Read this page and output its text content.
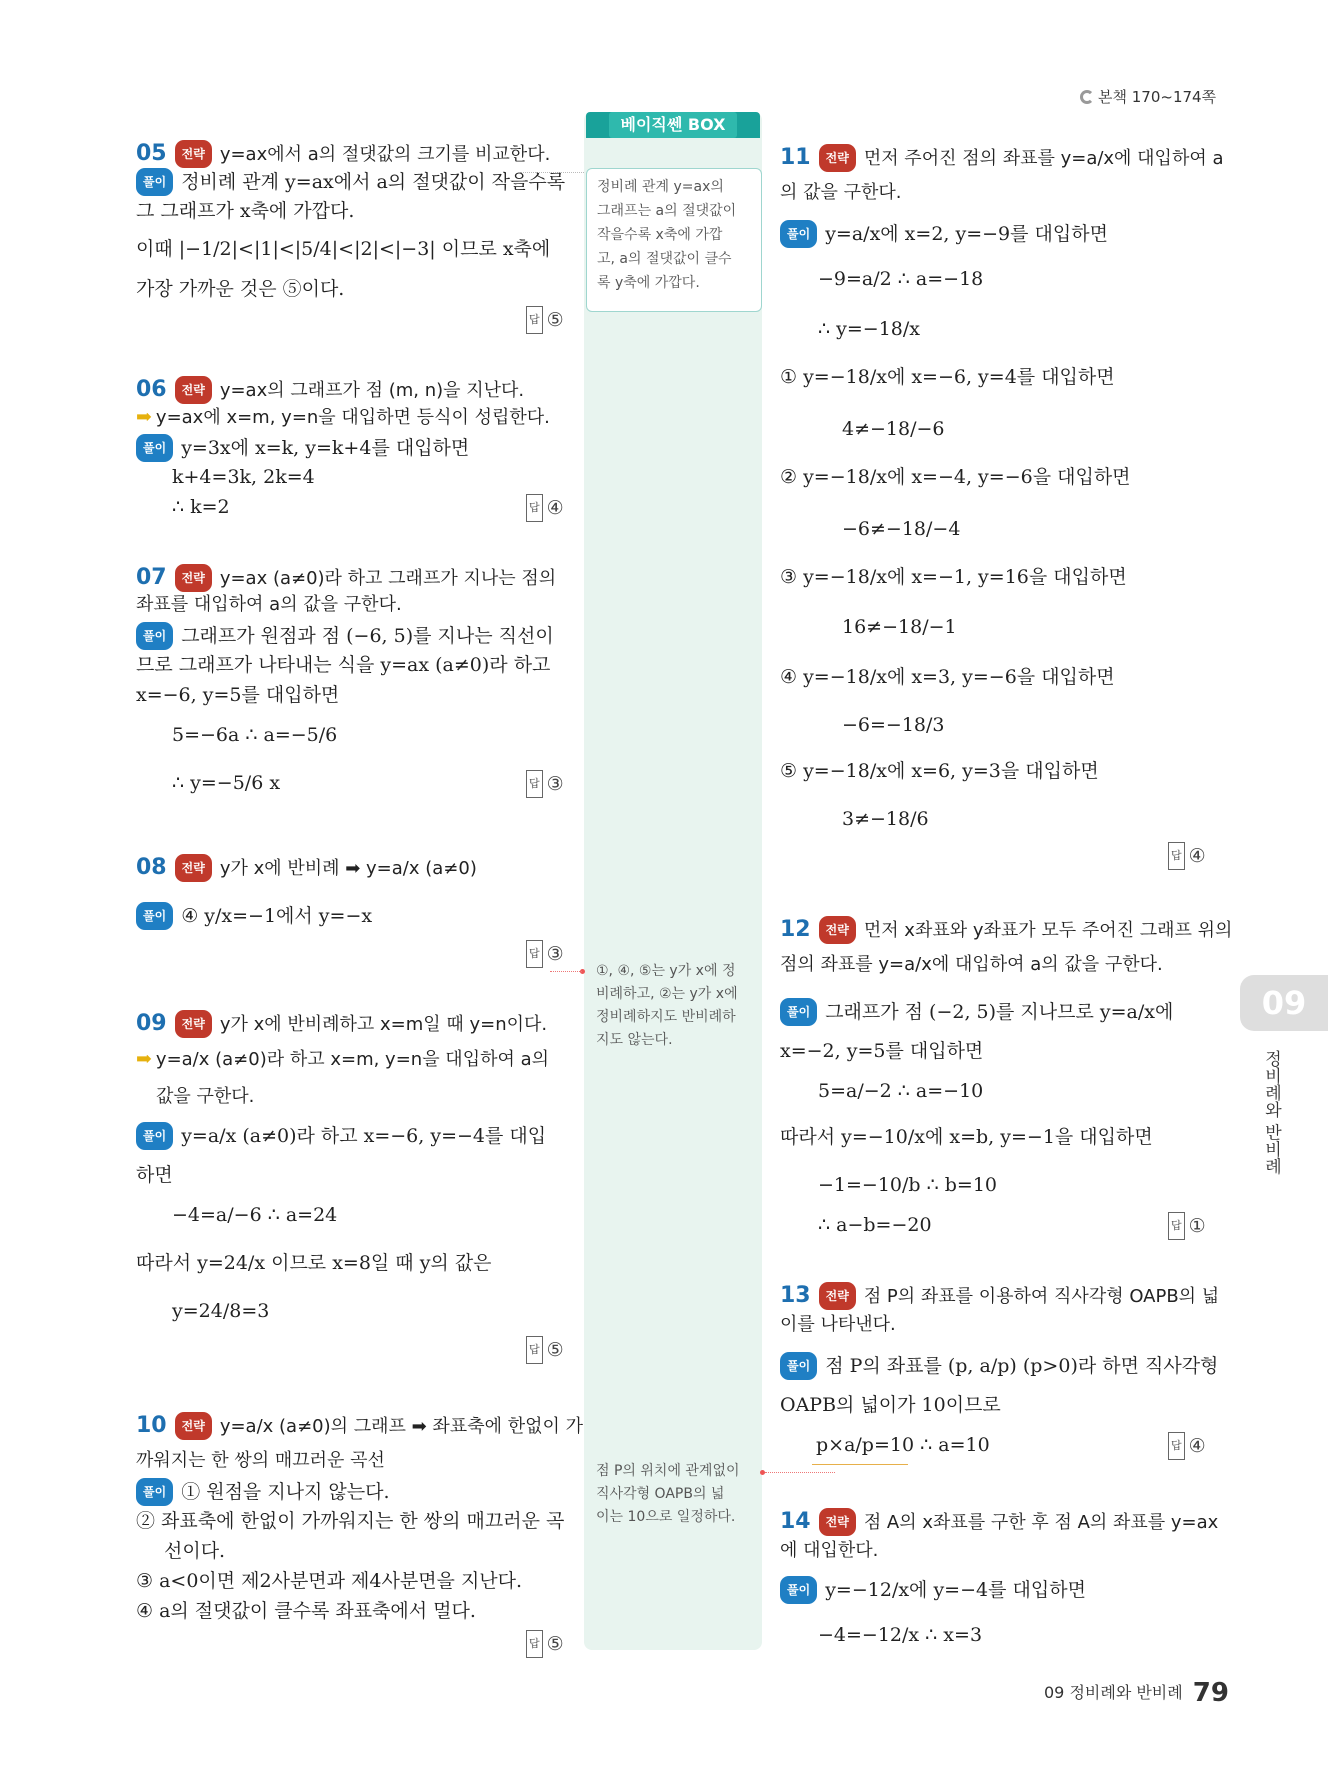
본책 170~174쪽
09
정비례와 반비례
베이직쎈 BOX
정비례 관계 y=ax의
그래프는 a의 절댓값이
작을수록 x축에 가깝
고, a의 절댓값이 클수
록 y축에 가깝다.
①, ④, ⑤는 y가 x에 정
비례하고, ②는 y가 x에
정비례하지도 반비례하
지도 않는다.
점 P의 위치에 관계없이
직사각형 OAPB의 넓
이는 10으로 일정하다.
05 전략 y=ax에서 a의 절댓값의 크기를 비교한다.
풀이 정비례 관계 y=ax에서 a의 절댓값이 작을수록
그 그래프가 x축에 가깝다.
이때 |−1/2|<|1|<|5/4|<|2|<|−3| 이므로 x축에
가장 가까운 것은 ⑤이다.
답 ⑤
06 전략 y=ax의 그래프가 점 (m, n)을 지난다.
➡ y=ax에 x=m, y=n을 대입하면 등식이 성립한다.
풀이 y=3x에 x=k, y=k+4를 대입하면
k+4=3k, 2k=4
∴ k=2	답 ④
07 전략 y=ax (a≠0)라 하고 그래프가 지나는 점의
좌표를 대입하여 a의 값을 구한다.
풀이 그래프가 원점과 점 (−6, 5)를 지나는 직선이
므로 그래프가 나타내는 식을 y=ax (a≠0)라 하고
x=−6, y=5를 대입하면
5=−6a ∴ a=−5/6
∴ y=−5/6 x	답 ③
08 전략 y가 x에 반비례 ➡ y=a/x (a≠0)
풀이 ④ y/x=−1에서 y=−x
답 ③
09 전략 y가 x에 반비례하고 x=m일 때 y=n이다.
➡ y=a/x (a≠0)라 하고 x=m, y=n을 대입하여 a의
값을 구한다.
풀이 y=a/x (a≠0)라 하고 x=−6, y=−4를 대입
하면
−4=a/−6 ∴ a=24
따라서 y=24/x 이므로 x=8일 때 y의 값은
y=24/8=3
답 ⑤
10 전략 y=a/x (a≠0)의 그래프 ➡ 좌표축에 한없이 가
까워지는 한 쌍의 매끄러운 곡선
풀이 ① 원점을 지나지 않는다.
② 좌표축에 한없이 가까워지는 한 쌍의 매끄러운 곡
선이다.
③ a<0이면 제2사분면과 제4사분면을 지난다.
④ a의 절댓값이 클수록 좌표축에서 멀다.
답 ⑤
11 전략 먼저 주어진 점의 좌표를 y=a/x에 대입하여 a
의 값을 구한다.
풀이 y=a/x에 x=2, y=−9를 대입하면
−9=a/2 ∴ a=−18
∴ y=−18/x
① y=−18/x에 x=−6, y=4를 대입하면
4≠−18/−6
② y=−18/x에 x=−4, y=−6을 대입하면
−6≠−18/−4
③ y=−18/x에 x=−1, y=16을 대입하면
16≠−18/−1
④ y=−18/x에 x=3, y=−6을 대입하면
−6=−18/3
⑤ y=−18/x에 x=6, y=3을 대입하면
3≠−18/6
답 ④
12 전략 먼저 x좌표와 y좌표가 모두 주어진 그래프 위의
점의 좌표를 y=a/x에 대입하여 a의 값을 구한다.
풀이 그래프가 점 (−2, 5)를 지나므로 y=a/x에
x=−2, y=5를 대입하면
5=a/−2 ∴ a=−10
따라서 y=−10/x에 x=b, y=−1을 대입하면
−1=−10/b ∴ b=10
∴ a−b=−20	답 ①
13 전략 점 P의 좌표를 이용하여 직사각형 OAPB의 넓
이를 나타낸다.
풀이 점 P의 좌표를 (p, a/p) (p>0)라 하면 직사각형
OAPB의 넓이가 10이므로
p×a/p=10 ∴ a=10	답 ④
14 전략 점 A의 x좌표를 구한 후 점 A의 좌표를 y=ax
에 대입한다.
풀이 y=−12/x에 y=−4를 대입하면
−4=−12/x ∴ x=3
09 정비례와 반비례 79
